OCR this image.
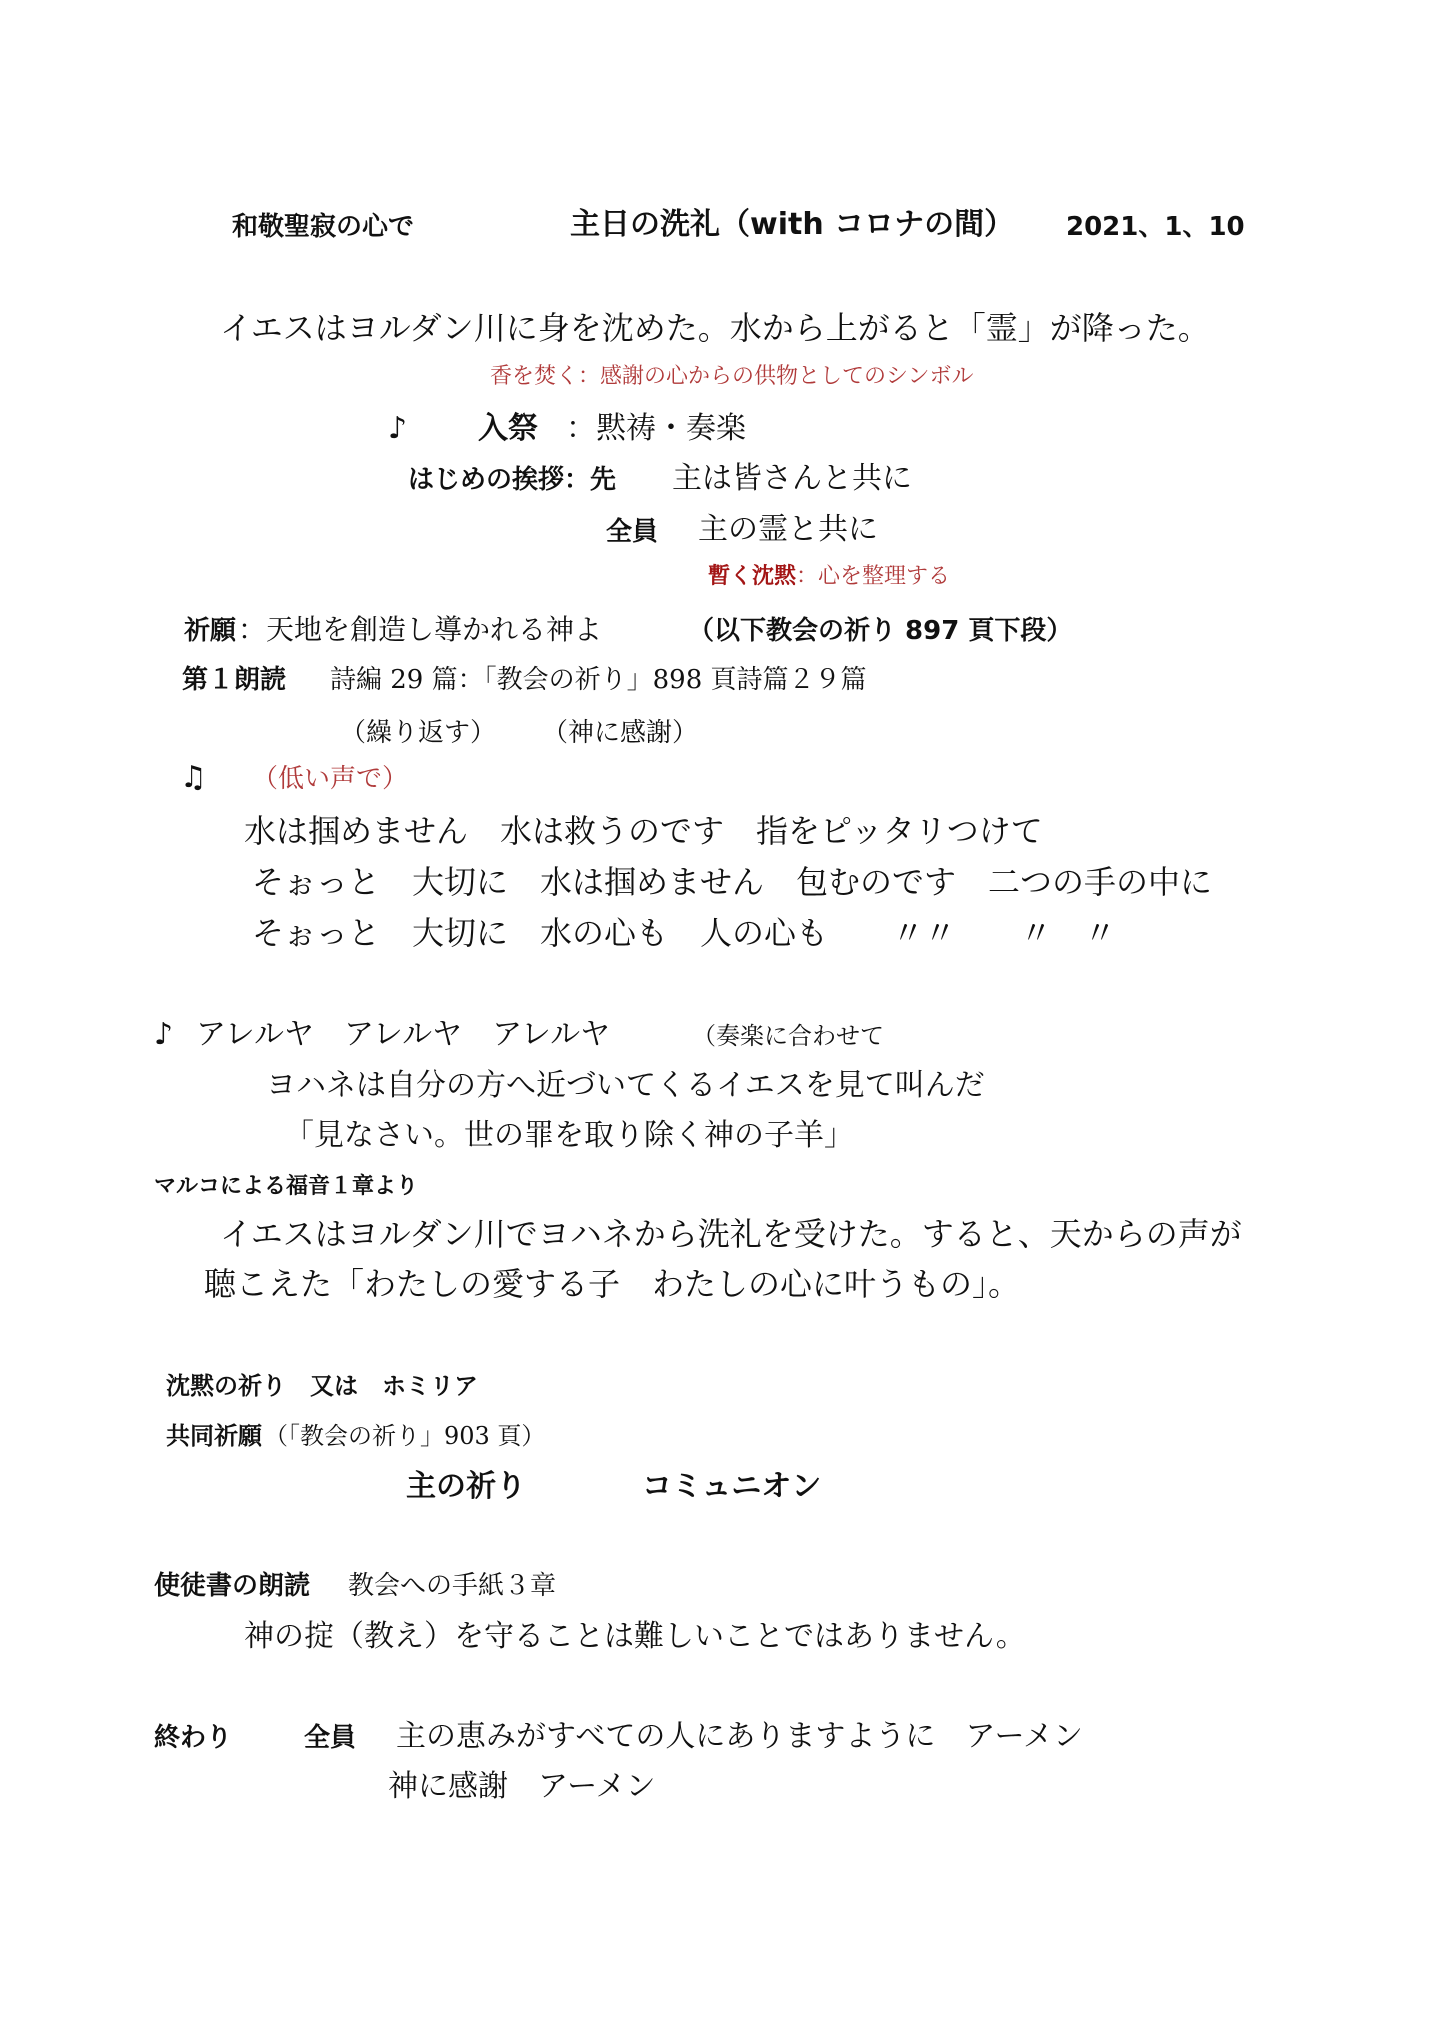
和敬聖寂の心で	主日の洗礼（with コロナの間） 2021、1、10
イエスはヨルダン川に身を沈めた。水から上がると「霊」が降った。
香を焚く：感謝の心からの供物としてのシンボル
♪ 入祭 ：黙祷・奏楽
はじめの挨拶：先 主は皆さんと共に
全員 主の霊と共に
暫く沈黙 ：心を整理する
祈願 ：天地を創造し導かれる神よ	（以下教会の祈り 897 頁下段）
第１朗読 詩編 29 篇：「教会の祈り」898 頁詩篇２９篇
（繰り返す） （神に感謝）
♫ （低い声で）
水は掴めません　水は救うのです　指をピッタリつけて
そぉっと　大切に　水は掴めません　包むのです　二つの手の中に
そぉっと　大切に　水の心も　人の心も　　〃〃　　〃　〃
♪ アレルヤ　アレルヤ　アレルヤ	（奏楽に合わせて
ヨハネは自分の方へ近づいてくるイエスを見て叫んだ
「見なさい。世の罪を取り除く神の子羊」
マルコによる福音１章より
イエスはヨルダン川でヨハネから洗礼を受けた。すると、天からの声が
聴こえた「わたしの愛する子　わたしの心に叶うもの」。
沈黙の祈り　又は　ホミリア
共同祈願 （「教会の祈り」903 頁）
主の祈り	コミュニオン
使徒書の朗読 教会への手紙３章
神の掟（教え）を守ることは難しいことではありません。
終わり	全員 主の恵みがすべての人にありますように　アーメン
神に感謝　アーメン
